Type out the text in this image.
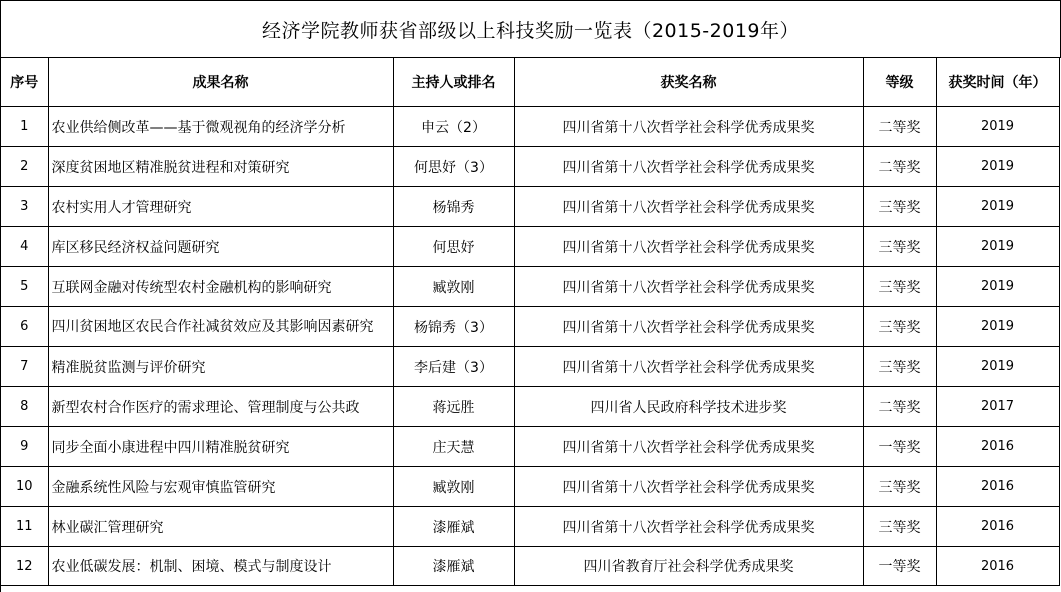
经济学院教师获省部级以上科技奖励一览表（2015-2019年）
序号	成果名称	主持人或排名	获奖名称	等级	获奖时间（年）
1	农业供给侧改革——基于微观视角的经济学分析	申云（2）	四川省第十八次哲学社会科学优秀成果奖	二等奖	2019
2	深度贫困地区精准脱贫进程和对策研究	何思妤（3）	四川省第十八次哲学社会科学优秀成果奖	二等奖	2019
3	农村实用人才管理研究	杨锦秀	四川省第十八次哲学社会科学优秀成果奖	三等奖	2019
4	库区移民经济权益问题研究	何思妤	四川省第十八次哲学社会科学优秀成果奖	三等奖	2019
5	互联网金融对传统型农村金融机构的影响研究	臧敦刚	四川省第十八次哲学社会科学优秀成果奖	三等奖	2019
6	四川贫困地区农民合作社减贫效应及其影响因素研究	杨锦秀（3）	四川省第十八次哲学社会科学优秀成果奖	三等奖	2019
7	精准脱贫监测与评价研究	李后建（3）	四川省第十八次哲学社会科学优秀成果奖	三等奖	2019
8	新型农村合作医疗的需求理论、管理制度与公共政	蒋远胜	四川省人民政府科学技术进步奖	二等奖	2017
9	同步全面小康进程中四川精准脱贫研究	庄天慧	四川省第十八次哲学社会科学优秀成果奖	一等奖	2016
10	金融系统性风险与宏观审慎监管研究	臧敦刚	四川省第十八次哲学社会科学优秀成果奖	三等奖	2016
11	林业碳汇管理研究	漆雁斌	四川省第十八次哲学社会科学优秀成果奖	三等奖	2016
12	农业低碳发展：机制、困境、模式与制度设计	漆雁斌	四川省教育厅社会科学优秀成果奖	一等奖	2016
